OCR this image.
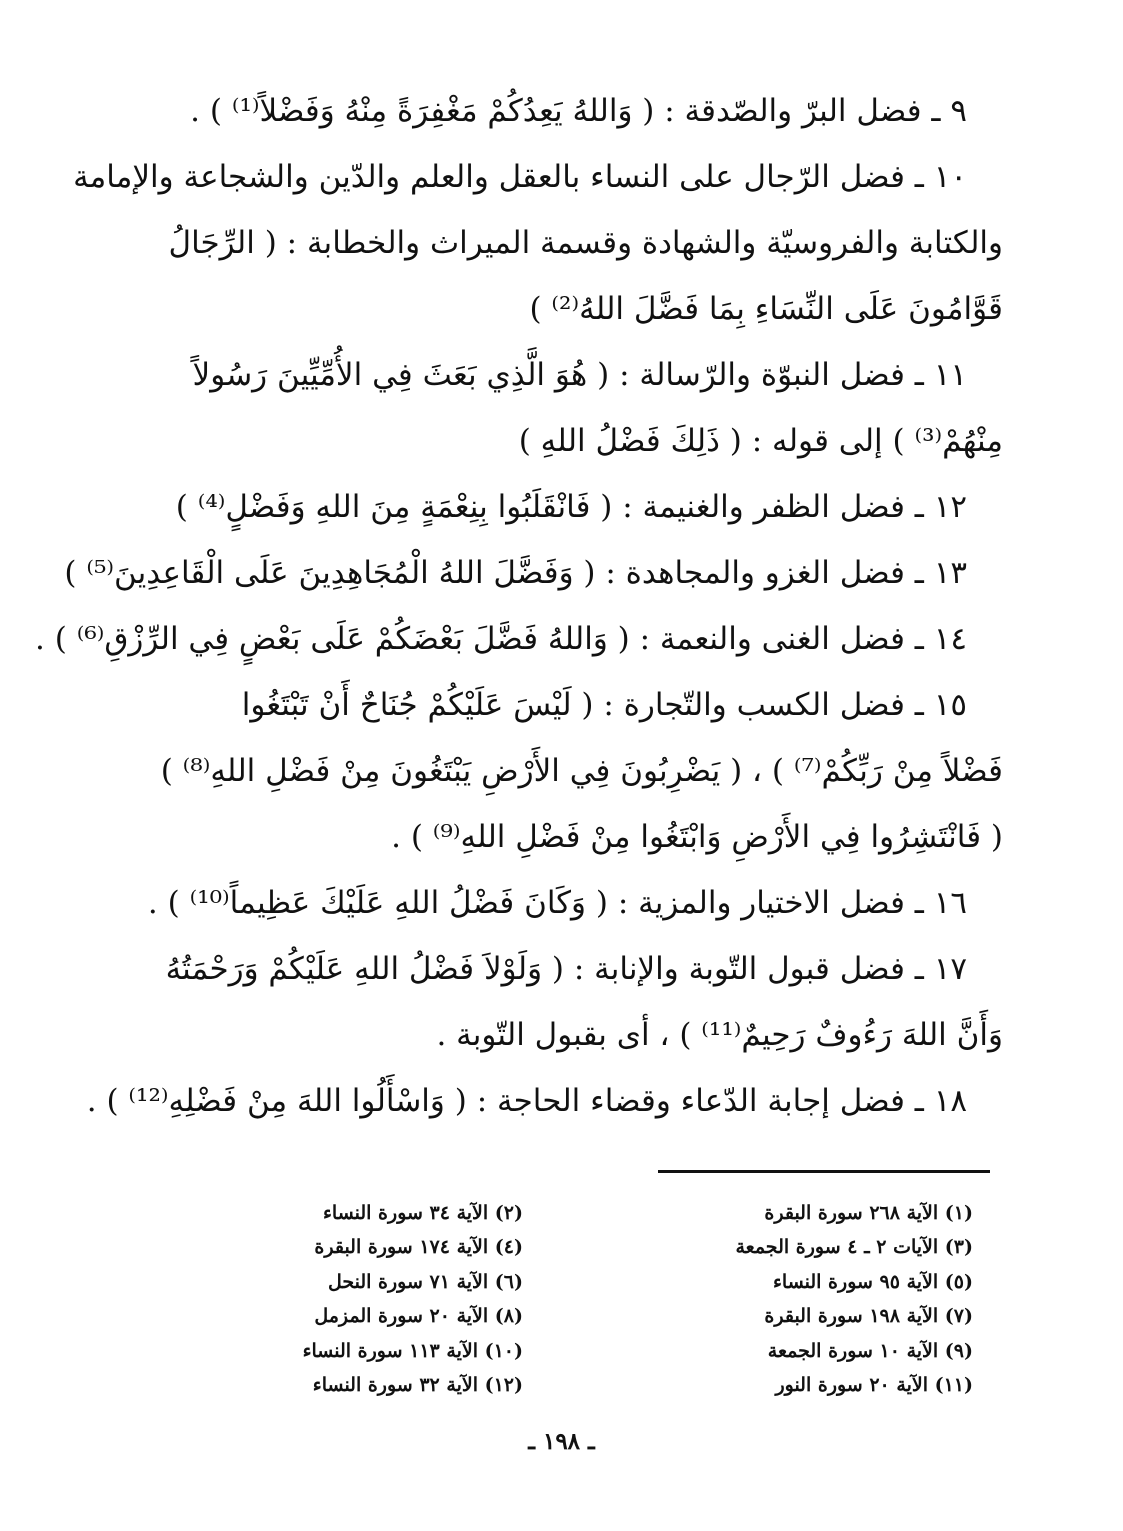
٩ ـ فضل البرّ والصّدقة : ( وَاللهُ يَعِدُكُمْ مَغْفِرَةً مِنْهُ وَفَضْلاً⁽¹⁾ ) .

١٠ ـ فضل الرّجال على النساء بالعقل والعلم والدّين والشجاعة والإمامة
والكتابة والفروسيّة والشهادة وقسمة الميراث والخطابة : ( الرِّجَالُ
قَوَّامُونَ عَلَى النِّسَاءِ بِمَا فَضَّلَ اللهُ⁽²⁾ )

١١ ـ فضل النبوّة والرّسالة : ( هُوَ الَّذِي بَعَثَ فِي الأُمِّيِّينَ رَسُولاً
مِنْهُمْ⁽³⁾ ) إلى قوله : ( ذَلِكَ فَضْلُ اللهِ )

١٢ ـ فضل الظفر والغنيمة : ( فَانْقَلَبُوا بِنِعْمَةٍ مِنَ اللهِ وَفَضْلٍ⁽⁴⁾ )

١٣ ـ فضل الغزو والمجاهدة : ( وَفَضَّلَ اللهُ الْمُجَاهِدِينَ عَلَى الْقَاعِدِينَ⁽⁵⁾ )

١٤ ـ فضل الغنى والنعمة : ( وَاللهُ فَضَّلَ بَعْضَكُمْ عَلَى بَعْضٍ فِي الرِّزْقِ⁽⁶⁾ ) .

١٥ ـ فضل الكسب والتّجارة : ( لَيْسَ عَلَيْكُمْ جُنَاحٌ أَنْ تَبْتَغُوا
فَضْلاً مِنْ رَبِّكُمْ⁽⁷⁾ ) ، ( يَضْرِبُونَ فِي الأَرْضِ يَبْتَغُونَ مِنْ فَضْلِ اللهِ⁽⁸⁾ )
( فَانْتَشِرُوا فِي الأَرْضِ وَابْتَغُوا مِنْ فَضْلِ اللهِ⁽⁹⁾ ) .

١٦ ـ فضل الاختيار والمزية : ( وَكَانَ فَضْلُ اللهِ عَلَيْكَ عَظِيماً⁽¹⁰⁾ ) .

١٧ ـ فضل قبول التّوبة والإنابة : ( وَلَوْلاَ فَضْلُ اللهِ عَلَيْكُمْ وَرَحْمَتُهُ
وَأَنَّ اللهَ رَءُوفٌ رَحِيمٌ⁽¹¹⁾ ) ، أى بقبول التّوبة .

١٨ ـ فضل إجابة الدّعاء وقضاء الحاجة : ( وَاسْأَلُوا اللهَ مِنْ فَضْلِهِ⁽¹²⁾ ) .

(١) الآية ٢٦٨ سورة البقرة
(٣) الآيات ٢ ـ ٤ سورة الجمعة
(٥) الآية ٩٥ سورة النساء
(٧) الآية ١٩٨ سورة البقرة
(٩) الآية ١٠ سورة الجمعة
(١١) الآية ٢٠ سورة النور
(٢) الآية ٣٤ سورة النساء
(٤) الآية ١٧٤ سورة البقرة
(٦) الآية ٧١ سورة النحل
(٨) الآية ٢٠ سورة المزمل
(١٠) الآية ١١٣ سورة النساء
(١٢) الآية ٣٢ سورة النساء
ـ ١٩٨ ـ
